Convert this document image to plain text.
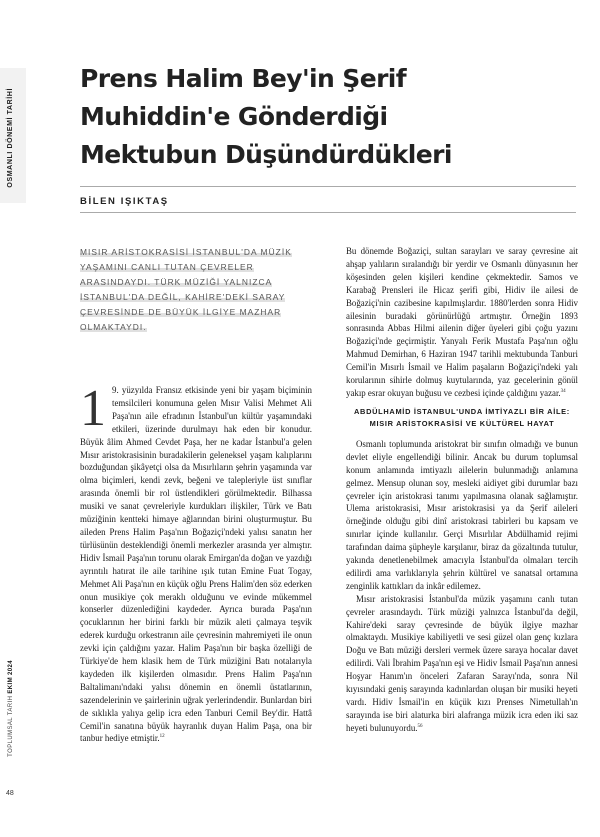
OSMANLI DÖNEMİ TARİHİ
TOPLUMSAL TARİH EKİM 2024
48
Prens Halim Bey'in Şerif Muhiddin'e Gönderdiği Mektubun Düşündürdükleri
BİLEN IŞIKTAŞ
MISIR ARİSTOKRASİSİ İSTANBUL'DA MÜZİK YAŞAMINI CANLI TUTAN ÇEVRELER ARASINDAYDI. TÜRK MÜZİĞİ YALNIZCA İSTANBUL'DA DEĞİL, KAHİRE'DEKİ SARAY ÇEVRESİNDE DE BÜYÜK İLGİYE MAZHAR OLMAKTAYDI.

1 9. yüzyılda Fransız etkisinde yeni bir yaşam biçiminin temsilcileri konumuna gelen Mısır Valisi Mehmet Ali Paşa'nın aile efradının İstanbul'un kültür yaşamındaki etkileri, üzerinde durulmayı hak eden bir konudur. Büyük âlim Ahmed Cevdet Paşa, her ne kadar İstanbul'a gelen Mısır aristokrasisinin buradakilerin geleneksel yaşam kalıplarını bozduğundan şikâyetçi olsa da Mısırlıların şehrin yaşamında var olma biçimleri, kendi zevk, beğeni ve talepleriyle üst sınıflar arasında önemli bir rol üstlendikleri görülmektedir. Bilhassa musiki ve sanat çevreleriyle kurdukları ilişkiler, Türk ve Batı müziğinin kentteki himaye ağlarından birini oluşturmuştur. Bu aileden Prens Halim Paşa'nın Boğaziçi'ndeki yalısı sanatın her türlüsünün desteklendiği önemli merkezler arasında yer almıştır. Hidiv İsmail Paşa'nın torunu olarak Emirgan'da doğan ve yazdığı ayrıntılı hatırat ile aile tarihine ışık tutan Emine Fuat Togay, Mehmet Ali Paşa'nın en küçük oğlu Prens Halim'den söz ederken onun musikiye çok meraklı olduğunu ve evinde mükemmel konserler düzenlediğini kaydeder. Ayrıca burada Paşa'nın çocuklarının her birini farklı bir müzik aleti çalmaya teşvik ederek kurduğu orkestranın aile çevresinin mahremiyeti ile onun zevki için çaldığını yazar. Halim Paşa'nın bir başka özelliği de Türkiye'de hem klasik hem de Türk müziğini Batı notalarıyla kaydeden ilk kişilerden olmasıdır. Prens Halim Paşa'nın Baltalimanı'ndaki yalısı dönemin en önemli üstatlarının, sazendelerinin ve şairlerinin uğrak yerlerindendir. Bunlardan biri de sıklıkla yalıya gelip icra eden Tanburi Cemil Bey'dir. Hattâ Cemil'in sanatına büyük hayranlık duyan Halim Paşa, ona bir tanbur hediye etmiştir.$^{12}$

Bu dönemde Boğaziçi, sultan sarayları ve saray çevresine ait ahşap yalıların sıralandığı bir yerdir ve Osmanlı dünyasının her köşesinden gelen kişileri kendine çekmektedir. Samos ve Karabağ Prensleri ile Hicaz şerifi gibi, Hidiv ile ailesi de Boğaziçi'nin cazibesine kapılmışlardır. 1880'lerden sonra Hidiv ailesinin buradaki görünürlüğü artmıştır. Örneğin 1893 sonrasında Abbas Hilmi ailenin diğer üyeleri gibi çoğu yazını Boğaziçi'nde geçirmiştir. Yanyalı Ferik Mustafa Paşa'nın oğlu Mahmud Demirhan, 6 Haziran 1947 tarihli mektubunda Tanburi Cemil'in Mısırlı İsmail ve Halim paşaların Boğaziçi'ndeki yalı korularının sihirle dolmuş kuytularında, yaz gecelerinin gönül yakıp esrar okuyan buğusu ve cezbesi içinde çaldığını yazar.$^{34}$

ABDÜLHAMİD İSTANBUL'UNDA İMTİYAZLI BİR AİLE: MISIR ARİSTOKRASİSİ VE KÜLTÜREL HAYAT

Osmanlı toplumunda aristokrat bir sınıfın olmadığı ve bunun devlet eliyle engellendiği bilinir. Ancak bu durum toplumsal konum anlamında imtiyazlı ailelerin bulunmadığı anlamına gelmez. Mensup olunan soy, mesleki aidiyet gibi durumlar bazı çevreler için aristokrasi tanımı yapılmasına olanak sağlamıştır. Ulema aristokrasisi, Mısır aristokrasisi ya da Şerif aileleri örneğinde olduğu gibi dinî aristokrasi tabirleri bu kapsam ve sınırlar içinde kullanılır. Gerçi Mısırlılar Abdülhamid rejimi tarafından daima şüpheyle karşılanır, biraz da gözaltında tutulur, yakında denetlenebilmek amacıyla İstanbul'da olmaları tercih edilirdi ama varlıklarıyla şehrin kültürel ve sanatsal ortamına zenginlik kattıkları da inkâr edilemez.

Mısır aristokrasisi İstanbul'da müzik yaşamını canlı tutan çevreler arasındaydı. Türk müziği yalnızca İstanbul'da değil, Kahire'deki saray çevresinde de büyük ilgiye mazhar olmaktaydı. Musikiye kabiliyetli ve sesi güzel olan genç kızlara Doğu ve Batı müziği dersleri vermek üzere saraya hocalar davet edilirdi. Vali İbrahim Paşa'nın eşi ve Hidiv İsmail Paşa'nın annesi Hoşyar Hanım'ın önceleri Zafaran Sarayı'nda, sonra Nil kıyısındaki geniş sarayında kadınlardan oluşan bir musiki heyeti vardı. Hidiv İsmail'in en küçük kızı Prenses Nimetullah'ın sarayında ise biri alaturka biri alafranga müzik icra eden iki saz heyeti bulunuyordu.$^{56}$
